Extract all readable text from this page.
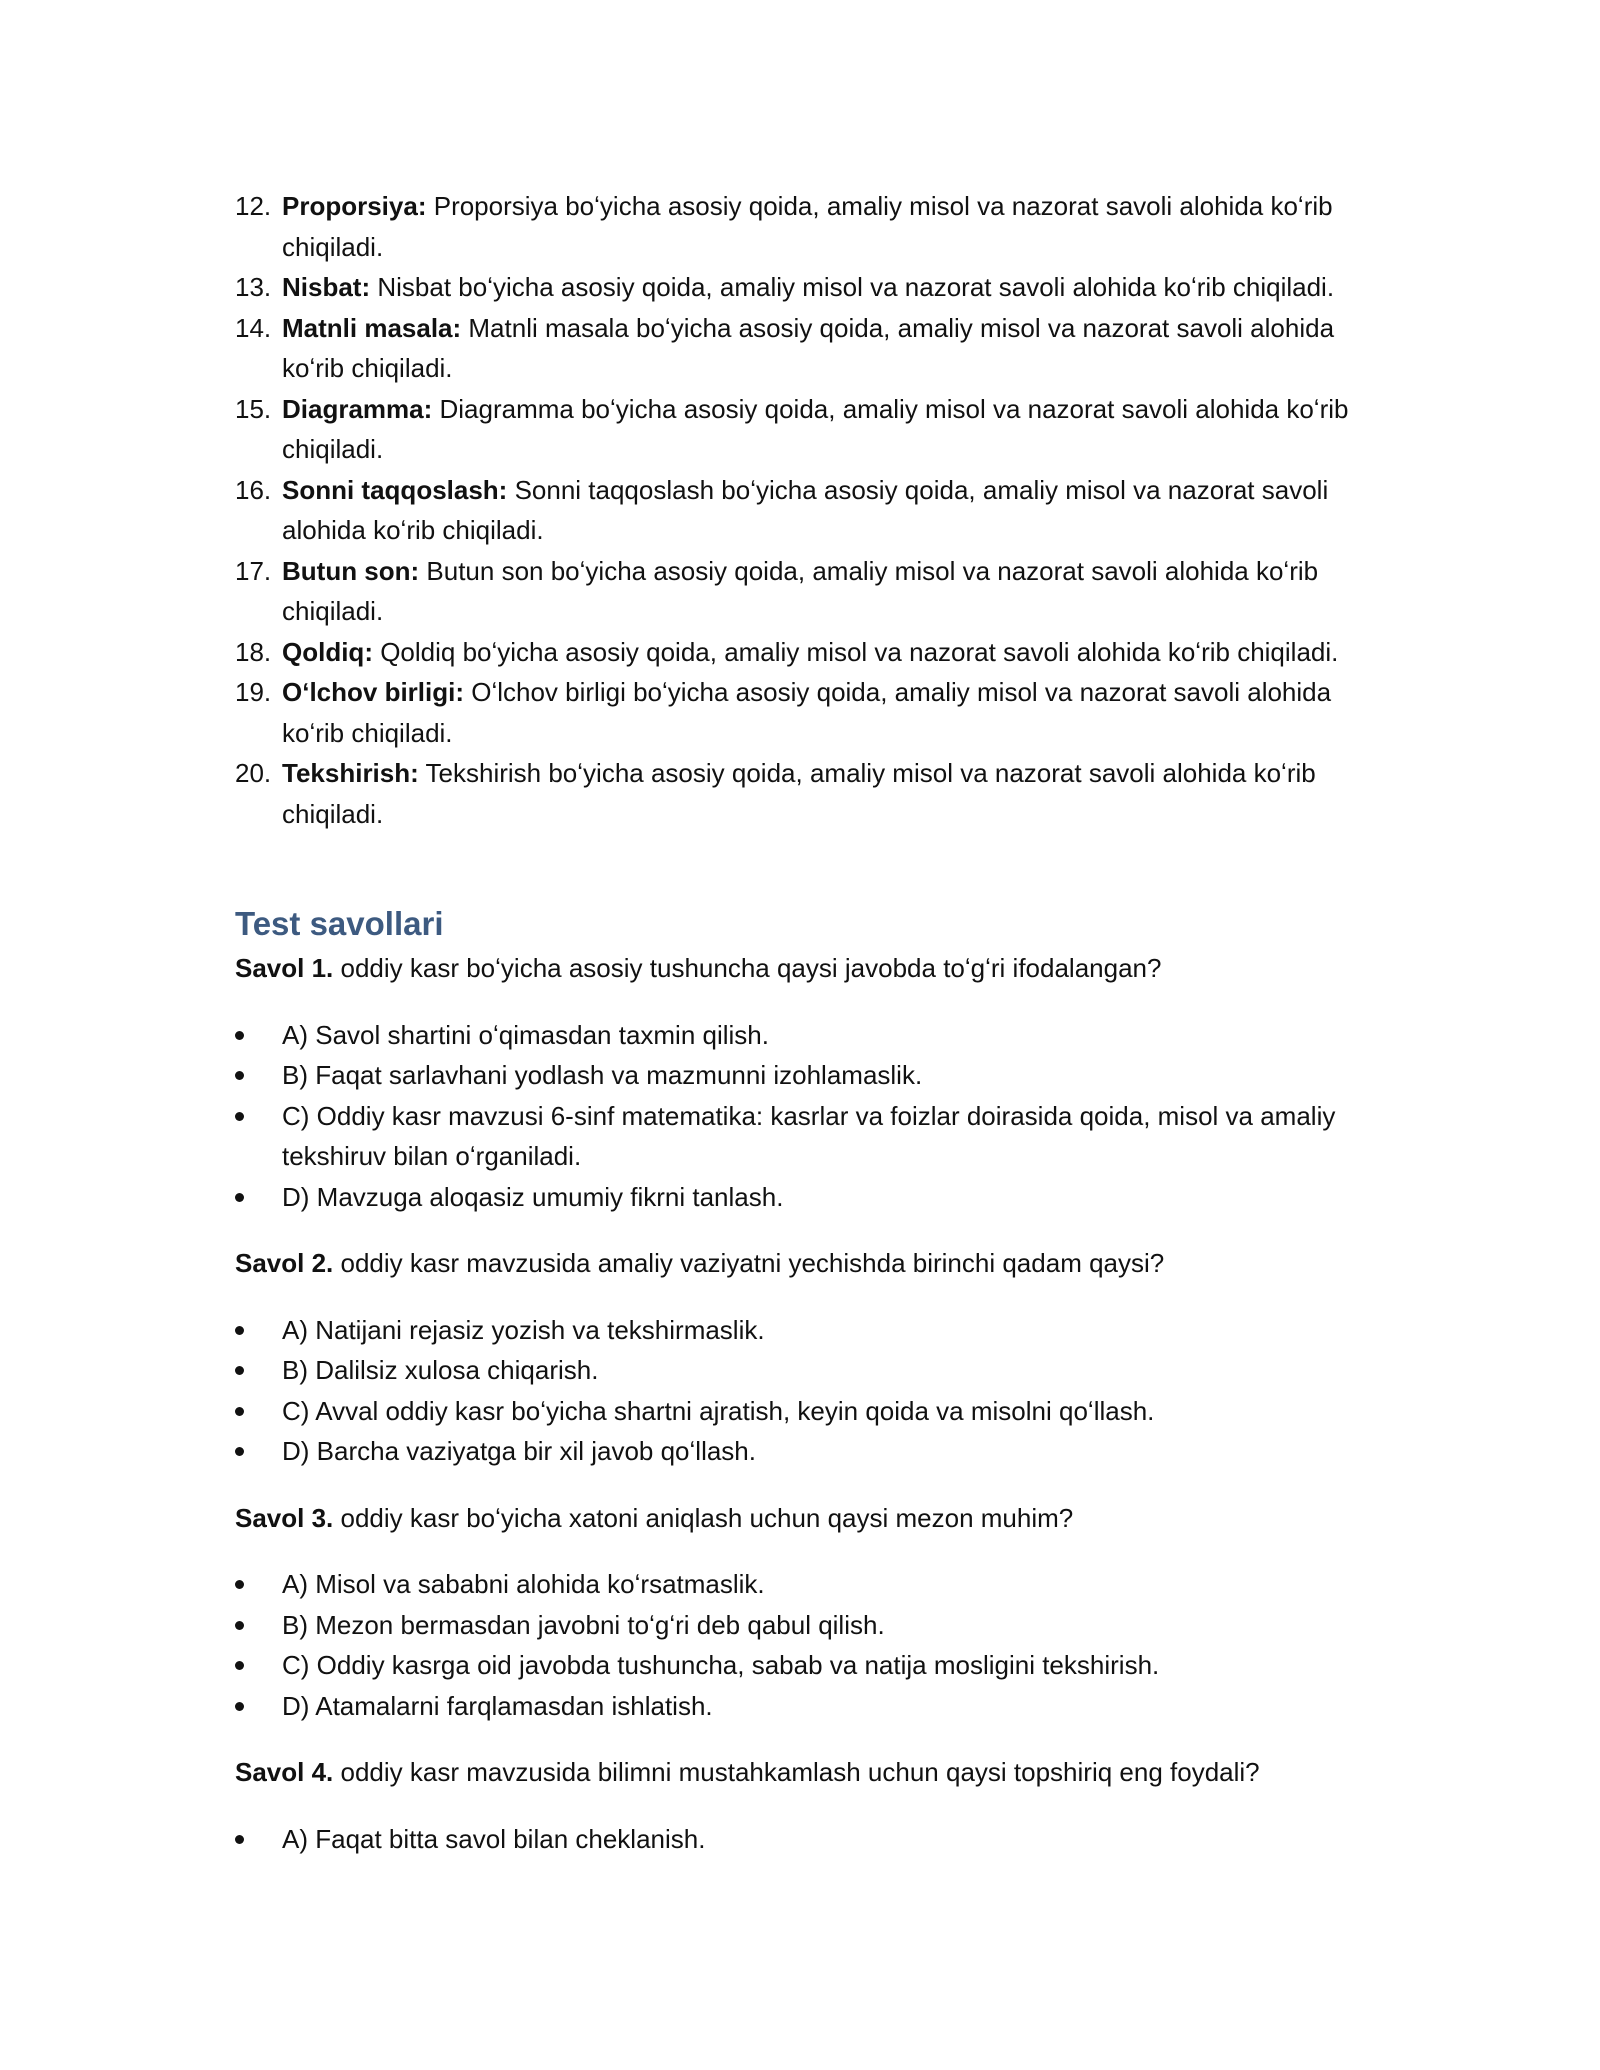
12. Proporsiya: Proporsiya boʻyicha asosiy qoida, amaliy misol va nazorat savoli alohida koʻrib chiqiladi.
13. Nisbat: Nisbat boʻyicha asosiy qoida, amaliy misol va nazorat savoli alohida koʻrib chiqiladi.
14. Matnli masala: Matnli masala boʻyicha asosiy qoida, amaliy misol va nazorat savoli alohida koʻrib chiqiladi.
15. Diagramma: Diagramma boʻyicha asosiy qoida, amaliy misol va nazorat savoli alohida koʻrib chiqiladi.
16. Sonni taqqoslash: Sonni taqqoslash boʻyicha asosiy qoida, amaliy misol va nazorat savoli alohida koʻrib chiqiladi.
17. Butun son: Butun son boʻyicha asosiy qoida, amaliy misol va nazorat savoli alohida koʻrib chiqiladi.
18. Qoldiq: Qoldiq boʻyicha asosiy qoida, amaliy misol va nazorat savoli alohida koʻrib chiqiladi.
19. Oʻlchov birligi: Oʻlchov birligi boʻyicha asosiy qoida, amaliy misol va nazorat savoli alohida koʻrib chiqiladi.
20. Tekshirish: Tekshirish boʻyicha asosiy qoida, amaliy misol va nazorat savoli alohida koʻrib chiqiladi.
Test savollari

Savol 1. oddiy kasr boʻyicha asosiy tushuncha qaysi javobda toʻgʻri ifodalangan?

A) Savol shartini oʻqimasdan taxmin qilish.
B) Faqat sarlavhani yodlash va mazmunni izohlamaslik.
C) Oddiy kasr mavzusi 6-sinf matematika: kasrlar va foizlar doirasida qoida, misol va amaliy tekshiruv bilan oʻrganiladi.
D) Mavzuga aloqasiz umumiy fikrni tanlash.

Savol 2. oddiy kasr mavzusida amaliy vaziyatni yechishda birinchi qadam qaysi?

A) Natijani rejasiz yozish va tekshirmaslik.
B) Dalilsiz xulosa chiqarish.
C) Avval oddiy kasr boʻyicha shartni ajratish, keyin qoida va misolni qoʻllash.
D) Barcha vaziyatga bir xil javob qoʻllash.

Savol 3. oddiy kasr boʻyicha xatoni aniqlash uchun qaysi mezon muhim?

A) Misol va sababni alohida koʻrsatmaslik.
B) Mezon bermasdan javobni toʻgʻri deb qabul qilish.
C) Oddiy kasrga oid javobda tushuncha, sabab va natija mosligini tekshirish.
D) Atamalarni farqlamasdan ishlatish.

Savol 4. oddiy kasr mavzusida bilimni mustahkamlash uchun qaysi topshiriq eng foydali?

A) Faqat bitta savol bilan cheklanish.
